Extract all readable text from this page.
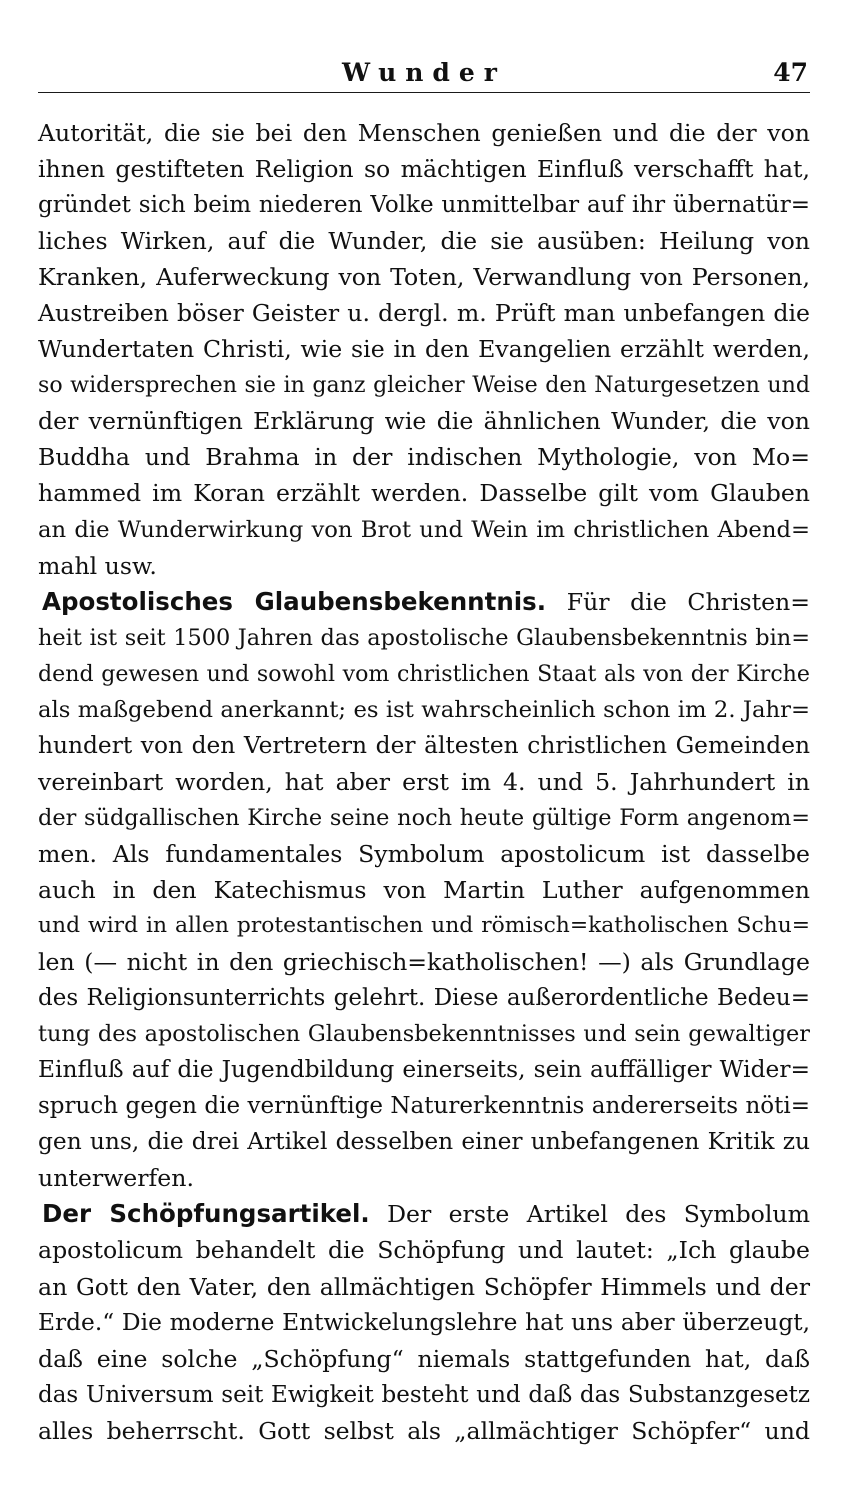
Wunder	47

Autorität, die sie bei den Menschen genießen und die der von
ihnen gestifteten Religion so mächtigen Einfluß verschafft hat,
gründet sich beim niederen Volke unmittelbar auf ihr übernatür=
liches Wirken, auf die Wunder, die sie ausüben: Heilung von
Kranken, Auferweckung von Toten, Verwandlung von Personen,
Austreiben böser Geister u. dergl. m. Prüft man unbefangen die
Wundertaten Christi, wie sie in den Evangelien erzählt werden,
so widersprechen sie in ganz gleicher Weise den Naturgesetzen und
der vernünftigen Erklärung wie die ähnlichen Wunder, die von
Buddha und Brahma in der indischen Mythologie, von Mo=
hammed im Koran erzählt werden. Dasselbe gilt vom Glauben
an die Wunderwirkung von Brot und Wein im christlichen Abend=
mahl usw.

Apostolisches Glaubensbekenntnis. Für die Christen=
heit ist seit 1500 Jahren das apostolische Glaubensbekenntnis bin=
dend gewesen und sowohl vom christlichen Staat als von der Kirche
als maßgebend anerkannt; es ist wahrscheinlich schon im 2. Jahr=
hundert von den Vertretern der ältesten christlichen Gemeinden
vereinbart worden, hat aber erst im 4. und 5. Jahrhundert in
der südgallischen Kirche seine noch heute gültige Form angenom=
men. Als fundamentales Symbolum apostolicum ist dasselbe
auch in den Katechismus von Martin Luther aufgenommen
und wird in allen protestantischen und römisch=katholischen Schu=
len (— nicht in den griechisch=katholischen! —) als Grundlage
des Religionsunterrichts gelehrt. Diese außerordentliche Bedeu=
tung des apostolischen Glaubensbekenntnisses und sein gewaltiger
Einfluß auf die Jugendbildung einerseits, sein auffälliger Wider=
spruch gegen die vernünftige Naturerkenntnis andererseits nöti=
gen uns, die drei Artikel desselben einer unbefangenen Kritik zu
unterwerfen.

Der Schöpfungsartikel. Der erste Artikel des Symbolum
apostolicum behandelt die Schöpfung und lautet: „Ich glaube
an Gott den Vater, den allmächtigen Schöpfer Himmels und der
Erde.“ Die moderne Entwickelungslehre hat uns aber überzeugt,
daß eine solche „Schöpfung“ niemals stattgefunden hat, daß
das Universum seit Ewigkeit besteht und daß das Substanzgesetz
alles beherrscht. Gott selbst als „allmächtiger Schöpfer“ und
